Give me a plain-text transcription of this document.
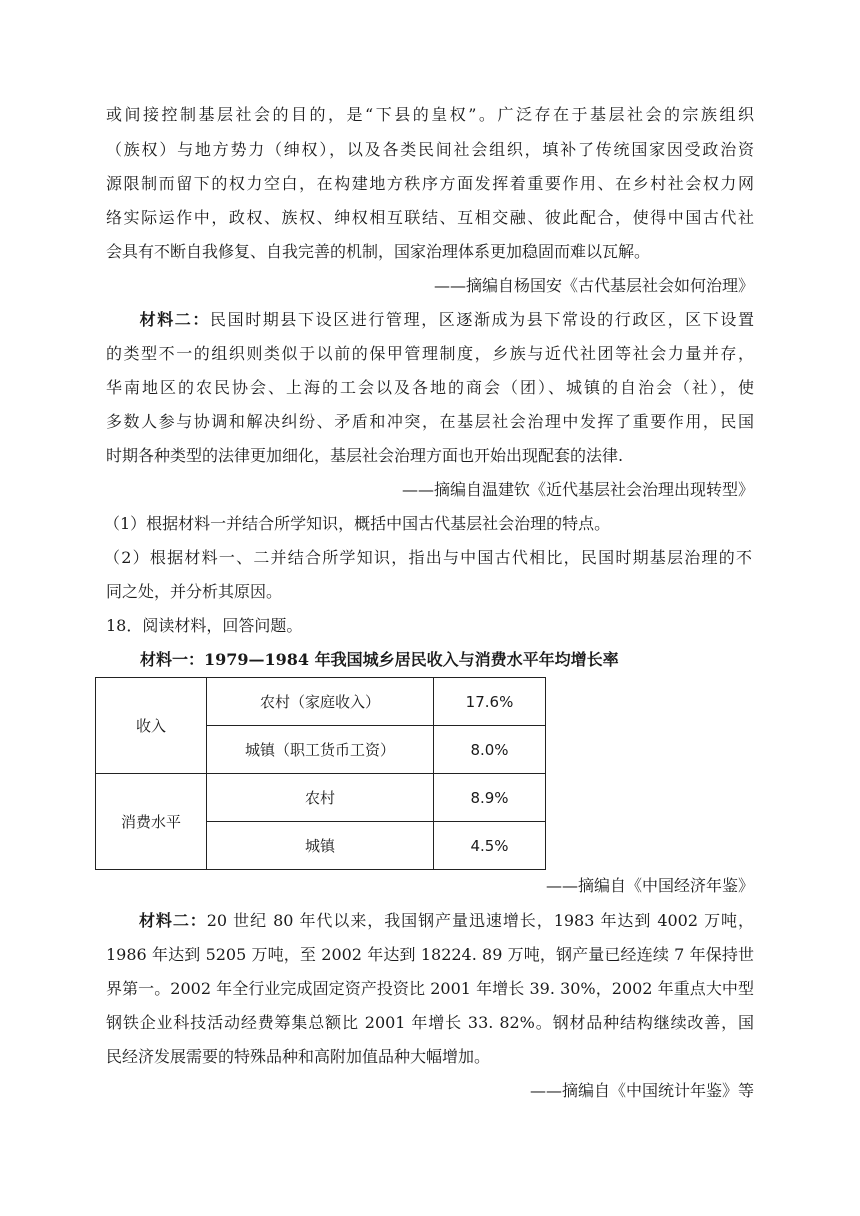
或间接控制基层社会的目的，是“下县的皇权”。广泛存在于基层社会的宗族组织
（族权）与地方势力（绅权），以及各类民间社会组织，填补了传统国家因受政治资
源限制而留下的权力空白，在构建地方秩序方面发挥着重要作用、在乡村社会权力网
络实际运作中，政权、族权、绅权相互联结、互相交融、彼此配合，使得中国古代社
会具有不断自我修复、自我完善的机制，国家治理体系更加稳固而难以瓦解。
——摘编自杨国安《古代基层社会如何治理》
材料二：民国时期县下设区进行管理，区逐渐成为县下常设的行政区，区下设置
的类型不一的组织则类似于以前的保甲管理制度，乡族与近代社团等社会力量并存，
华南地区的农民协会、上海的工会以及各地的商会（团）、城镇的自治会（社），使
多数人参与协调和解决纠纷、矛盾和冲突，在基层社会治理中发挥了重要作用，民国
时期各种类型的法律更加细化，基层社会治理方面也开始出现配套的法律.
——摘编自温建钦《近代基层社会治理出现转型》
（1）根据材料一并结合所学知识，概括中国古代基层社会治理的特点。
（2）根据材料一、二并结合所学知识，指出与中国古代相比，民国时期基层治理的不
同之处，并分析其原因。
18．阅读材料，回答问题。
材料一：1979—1984 年我国城乡居民收入与消费水平年均增长率
收入	农村（家庭收入）	17.6%
	城镇（职工货币工资）	8.0%
消费水平	农村	8.9%
	城镇	4.5%
——摘编自《中国经济年鉴》
材料二：20 世纪 80 年代以来，我国钢产量迅速增长，1983 年达到 4002 万吨，
1986 年达到 5205 万吨，至 2002 年达到 18224. 89 万吨，钢产量已经连续 7 年保持世
界第一。2002 年全行业完成固定资产投资比 2001 年增长 39. 30%，2002 年重点大中型
钢铁企业科技活动经费筹集总额比 2001 年增长 33. 82%。钢材品种结构继续改善，国
民经济发展需要的特殊品种和高附加值品种大幅增加。
——摘编自《中国统计年鉴》等
